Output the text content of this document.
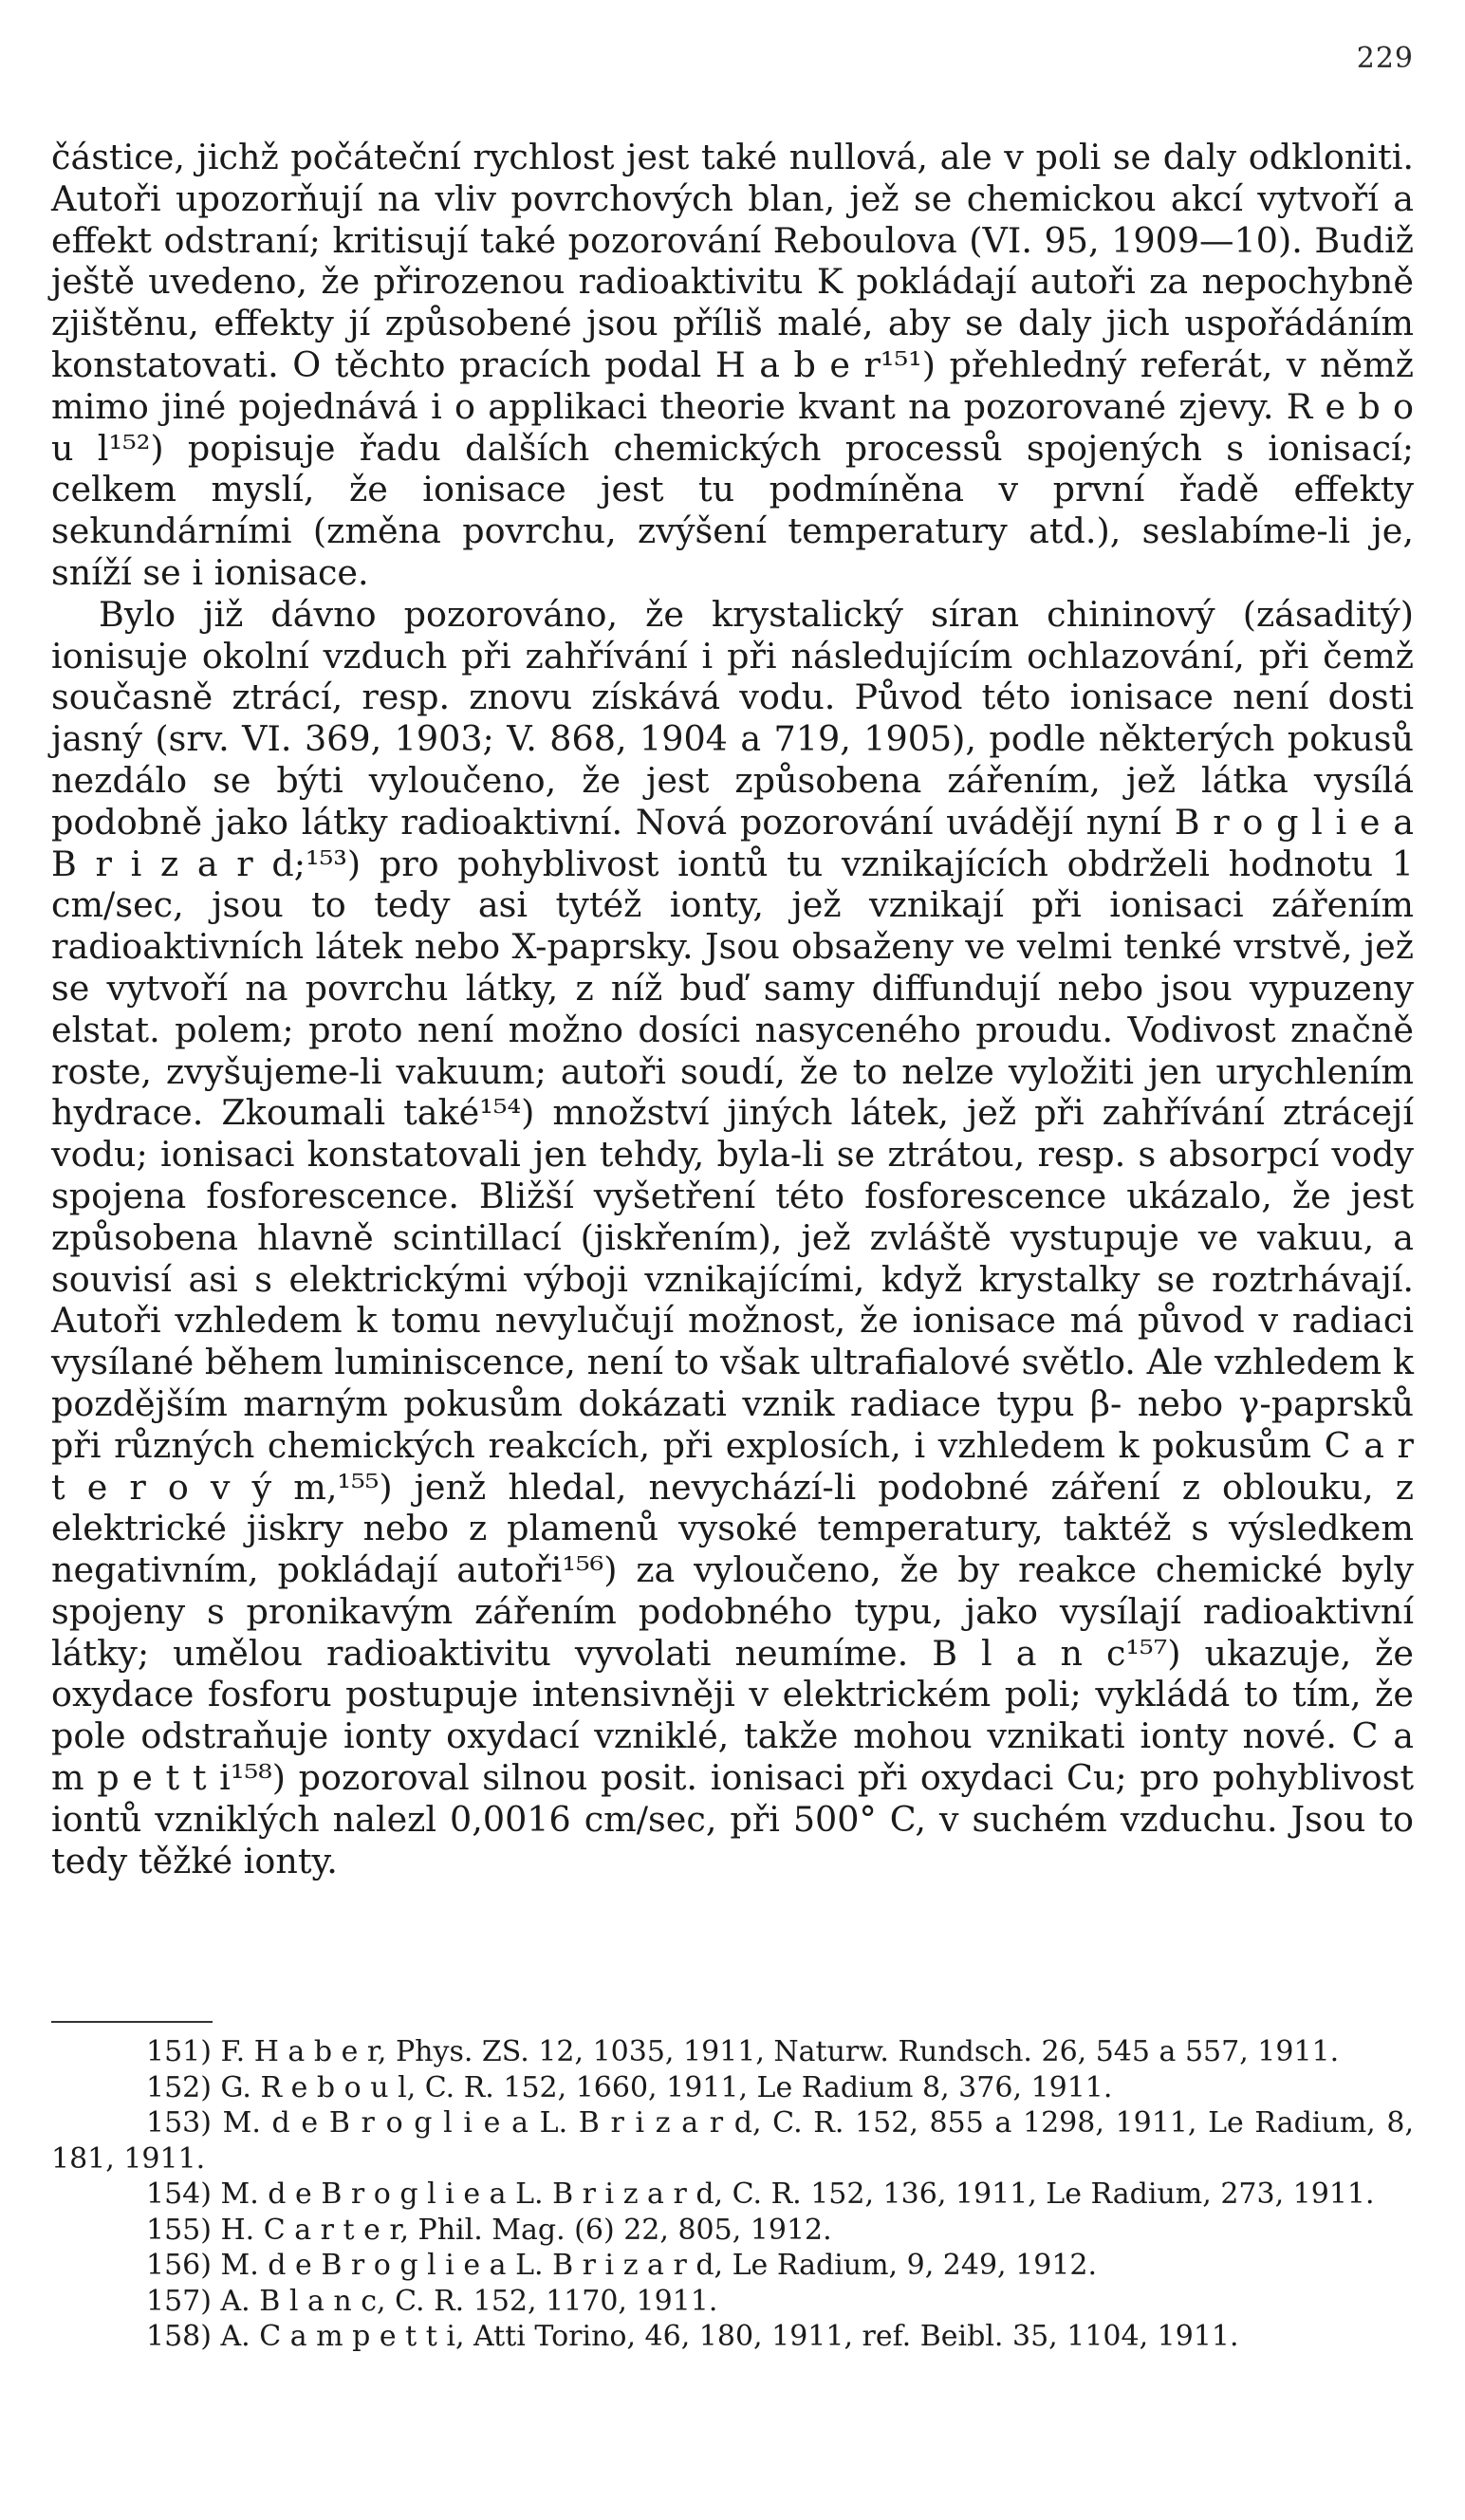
229

částice, jichž počáteční rychlost jest také nullová, ale v poli se daly odkloniti. Autoři upozorňují na vliv povrchových blan, jež se chemickou akcí vytvoří a effekt odstraní; kritisují také pozorování Reboulova (VI. 95, 1909—10). Budiž ještě uvedeno, že přirozenou radioaktivitu K pokládají autoři za nepochybně zjištěnu, effekty jí způsobené jsou příliš malé, aby se daly jich uspořádáním konstatovati. O těchto pracích podal H a b e r¹⁵¹) přehledný referát, v němž mimo jiné pojednává i o applikaci theorie kvant na pozorované zjevy. R e b o u l¹⁵²) popisuje řadu dalších chemických processů spojených s ionisací; celkem myslí, že ionisace jest tu podmíněna v první řadě effekty sekundárními (změna povrchu, zvýšení temperatury atd.), seslabíme-li je, sníží se i ionisace.

Bylo již dávno pozorováno, že krystalický síran chininový (zásaditý) ionisuje okolní vzduch při zahřívání i při následujícím ochlazování, při čemž současně ztrácí, resp. znovu získává vodu. Původ této ionisace není dosti jasný (srv. VI. 369, 1903; V. 868, 1904 a 719, 1905), podle některých pokusů nezdálo se býti vyloučeno, že jest způsobena zářením, jež látka vysílá podobně jako látky radioaktivní. Nová pozorování uvádějí nyní B r o g l i e a B r i z a r d;¹⁵³) pro pohyblivost iontů tu vznikajících obdrželi hodnotu 1 cm/sec, jsou to tedy asi tytéž ionty, jež vznikají při ionisaci zářením radioaktivních látek nebo X-paprsky. Jsou obsaženy ve velmi tenké vrstvě, jež se vytvoří na povrchu látky, z níž buď samy diffundují nebo jsou vypuzeny elstat. polem; proto není možno dosíci nasyceného proudu. Vodivost značně roste, zvyšujeme-li vakuum; autoři soudí, že to nelze vyložiti jen urychlením hydrace. Zkoumali také¹⁵⁴) množství jiných látek, jež při zahřívání ztrácejí vodu; ionisaci konstatovali jen tehdy, byla-li se ztrátou, resp. s absorpcí vody spojena fosforescence. Bližší vyšetření této fosforescence ukázalo, že jest způsobena hlavně scintillací (jiskřením), jež zvláště vystupuje ve vakuu, a souvisí asi s elektrickými výboji vznikajícími, když krystalky se roztrhávají. Autoři vzhledem k tomu nevylučují možnost, že ionisace má původ v radiaci vysílané během luminiscence, není to však ultrafialové světlo. Ale vzhledem k pozdějším marným pokusům dokázati vznik radiace typu β- nebo γ-paprsků při různých chemických reakcích, při explosích, i vzhledem k pokusům C a r t e r o v ý m,¹⁵⁵) jenž hledal, nevychází-li podobné záření z oblouku, z elektrické jiskry nebo z plamenů vysoké temperatury, taktéž s výsledkem negativním, pokládají autoři¹⁵⁶) za vyloučeno, že by reakce chemické byly spojeny s pronikavým zářením podobného typu, jako vysílají radioaktivní látky; umělou radioaktivitu vyvolati neumíme. B l a n c¹⁵⁷) ukazuje, že oxydace fosforu postupuje intensivněji v elektrickém poli; vykládá to tím, že pole odstraňuje ionty oxydací vzniklé, takže mohou vznikati ionty nové. C a m p e t t i¹⁵⁸) pozoroval silnou posit. ionisaci při oxydaci Cu; pro pohyblivost iontů vzniklých nalezl 0,0016 cm/sec, při 500° C, v suchém vzduchu. Jsou to tedy těžké ionty.

151) F. H a b e r, Phys. ZS. 12, 1035, 1911, Naturw. Rundsch. 26, 545 a 557, 1911.

152) G. R e b o u l, C. R. 152, 1660, 1911, Le Radium 8, 376, 1911.

153) M. d e B r o g l i e a L. B r i z a r d, C. R. 152, 855 a 1298, 1911, Le Radium, 8, 181, 1911.

154) M. d e B r o g l i e a L. B r i z a r d, C. R. 152, 136, 1911, Le Radium, 273, 1911.

155) H. C a r t e r, Phil. Mag. (6) 22, 805, 1912.

156) M. d e B r o g l i e a L. B r i z a r d, Le Radium, 9, 249, 1912.

157) A. B l a n c, C. R. 152, 1170, 1911.

158) A. C a m p e t t i, Atti Torino, 46, 180, 1911, ref. Beibl. 35, 1104, 1911.
